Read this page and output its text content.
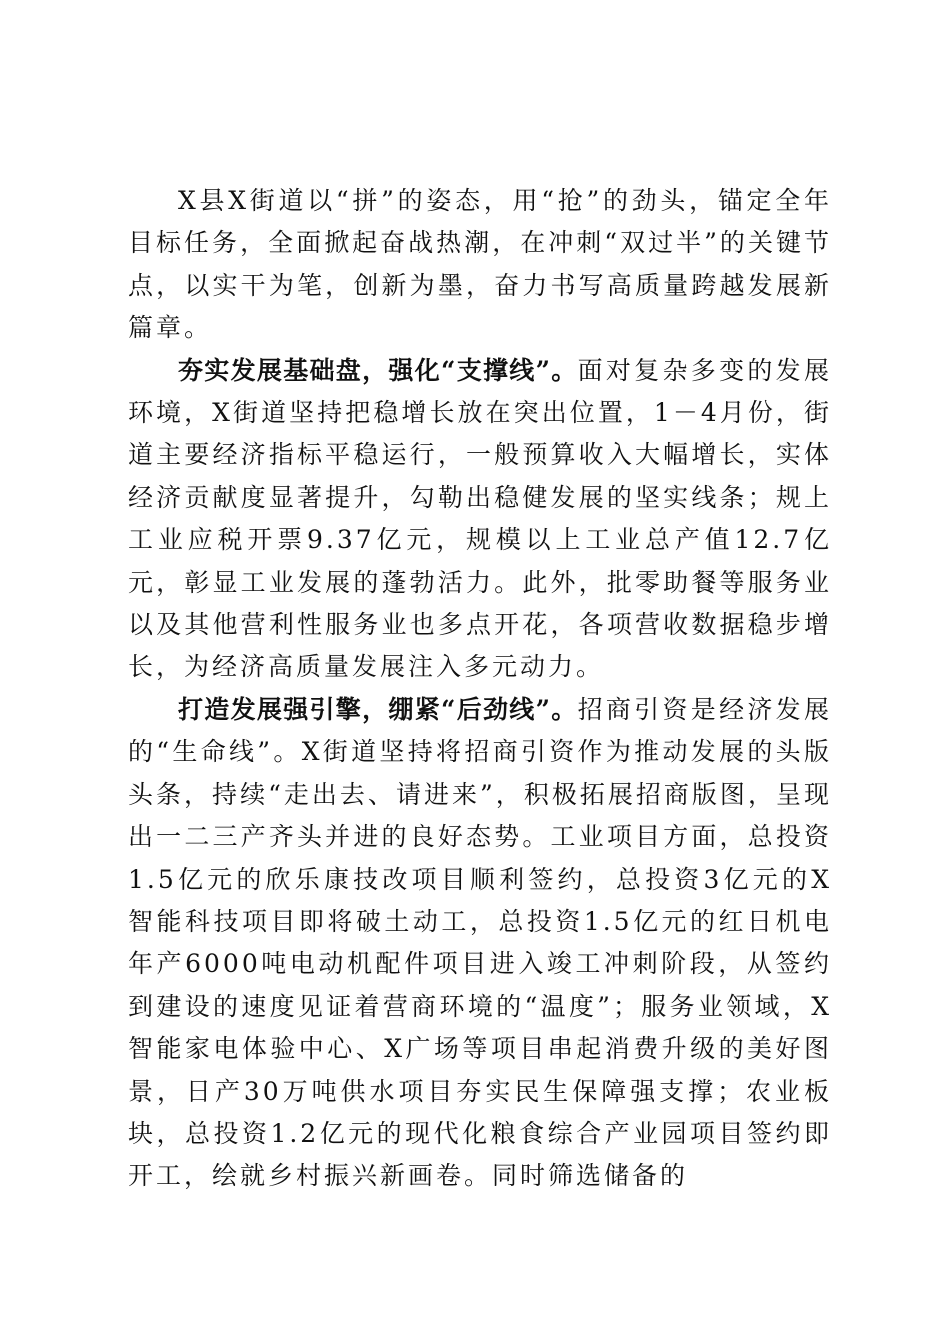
X县X街道以“拼”的姿态，用“抢”的劲头，锚定全年目标任务，全面掀起奋战热潮，在冲刺“双过半”的关键节点，以实干为笔，创新为墨，奋力书写高质量跨越发展新篇章。

夯实发展基础盘，强化“支撑线”。面对复杂多变的发展环境，X街道坚持把稳增长放在突出位置，1－4月份，街道主要经济指标平稳运行，一般预算收入大幅增长，实体经济贡献度显著提升，勾勒出稳健发展的坚实线条；规上工业应税开票9.37亿元，规模以上工业总产值12.7亿元，彰显工业发展的蓬勃活力。此外，批零助餐等服务业以及其他营利性服务业也多点开花，各项营收数据稳步增长，为经济高质量发展注入多元动力。

打造发展强引擎，绷紧“后劲线”。招商引资是经济发展的“生命线”。X街道坚持将招商引资作为推动发展的头版头条，持续“走出去、请进来”，积极拓展招商版图，呈现出一二三产齐头并进的良好态势。工业项目方面，总投资1.5亿元的欣乐康技改项目顺利签约，总投资3亿元的X智能科技项目即将破土动工，总投资1.5亿元的红日机电年产6000吨电动机配件项目进入竣工冲刺阶段，从签约到建设的速度见证着营商环境的“温度”；服务业领域，X智能家电体验中心、X广场等项目串起消费升级的美好图景，日产30万吨供水项目夯实民生保障强支撑；农业板块，总投资1.2亿元的现代化粮食综合产业园项目签约即开工，绘就乡村振兴新画卷。同时筛选储备的
